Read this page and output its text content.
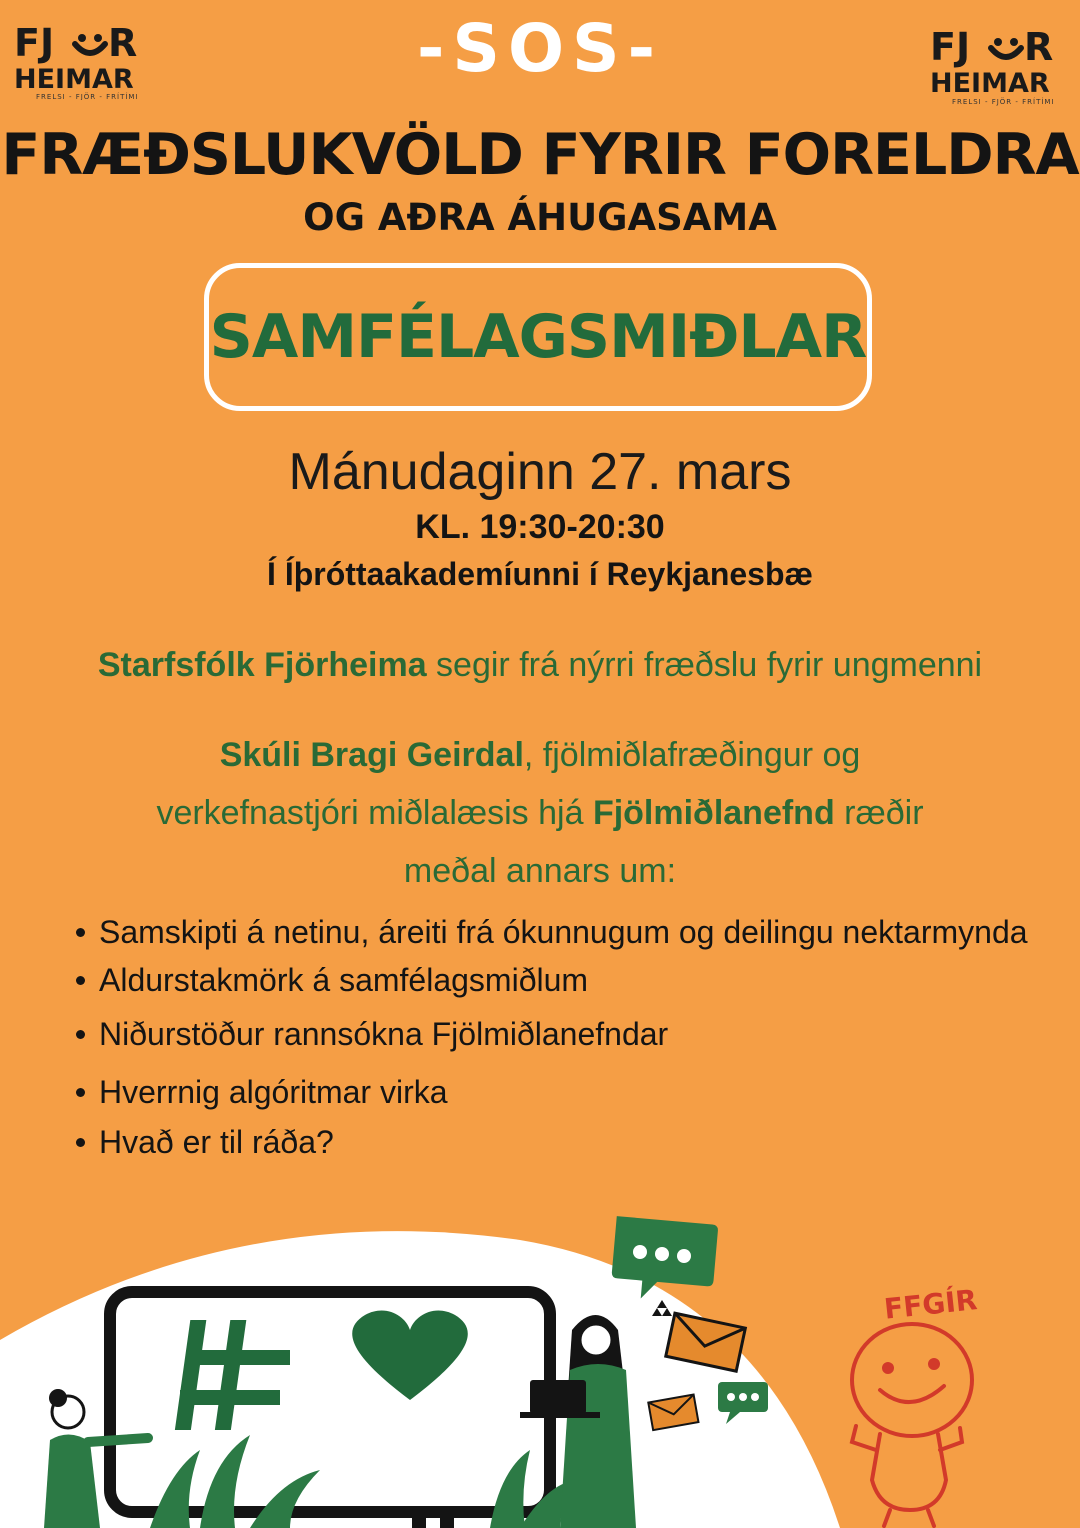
FJ R
HEIMAR
FRELSI - FJÖR - FRÍTÍMI
FJ R
HEIMAR
FRELSI - FJÖR - FRÍTÍMI
-SOS-
FRÆÐSLUKVÖLD FYRIR FORELDRA
OG AÐRA ÁHUGASAMA
SAMFÉLAGSMIÐLAR
Mánudaginn 27. mars
KL. 19:30-20:30
Í Íþróttaakademíunni í Reykjanesbæ
Starfsfólk Fjörheima segir frá nýrri fræðslu fyrir ungmenni
Skúli Bragi Geirdal, fjölmiðlafræðingur og
verkefnastjóri miðlalæsis hjá Fjölmiðlanefnd ræðir
meðal annars um:
Samskipti á netinu, áreiti frá ókunnugum og deilingu nektarmynda
Aldurstakmörk á samfélagsmiðlum
Niðurstöður rannsókna Fjölmiðlanefndar
Hverrnig algóritmar virka
Hvað er til ráða?
FFGÍR
